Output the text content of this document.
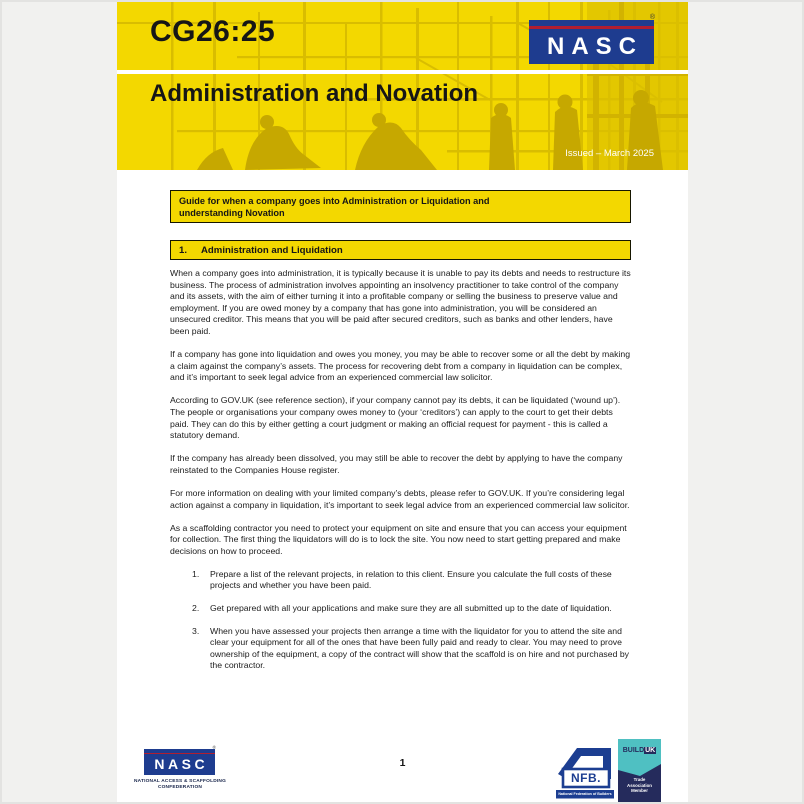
CG26:25	NASC
®
Administration and Novation
Issued – March 2025
Guide for when a company goes into Administration or Liquidation and
understanding Novation
1. Administration and Liquidation

When a company goes into administration, it is typically because it is unable to pay its debts and needs to restructure its business. The process of administration involves appointing an insolvency practitioner to take control of the company and its assets, with the aim of either turning it into a profitable company or selling the business to preserve value and employment. If you are owed money by a company that has gone into administration, you will be considered an unsecured creditor. This means that you will be paid after secured creditors, such as banks and other lenders, have been paid.

If a company has gone into liquidation and owes you money, you may be able to recover some or all the debt by making a claim against the company’s assets. The process for recovering debt from a company in liquidation can be complex, and it’s important to seek legal advice from an experienced commercial law solicitor.

According to GOV.UK (see reference section), if your company cannot pay its debts, it can be liquidated (‘wound up’). The people or organisations your company owes money to (your ‘creditors’) can apply to the court to get their debts paid. They can do this by either getting a court judgment or making an official request for payment - this is called a statutory demand.

If the company has already been dissolved, you may still be able to recover the debt by applying to have the company reinstated to the Companies House register.

For more information on dealing with your limited company’s debts, please refer to GOV.UK. If you’re considering legal action against a company in liquidation, it’s important to seek legal advice from an experienced commercial law solicitor.

As a scaffolding contractor you need to protect your equipment on site and ensure that you can access your equipment for collection. The first thing the liquidators will do is to lock the site. You now need to start getting prepared and make decisions on how to proceed.

1.	Prepare a list of the relevant projects, in relation to this client. Ensure you calculate the full costs of these projects and whether you have been paid.
2.	Get prepared with all your applications and make sure they are all submitted up to the date of liquidation.
3.	When you have assessed your projects then arrange a time with the liquidator for you to attend the site and clear your equipment for all of the ones that have been fully paid and ready to clear. You may need to prove ownership of the equipment, a copy of the contract will show that the scaffold is on hire and not purchased by the contractor.
NASC
®
NATIONAL ACCESS & SCAFFOLDING
CONFEDERATION
1
NFB.
National Federation of Builders
BUILDUK
Trade Association Member
